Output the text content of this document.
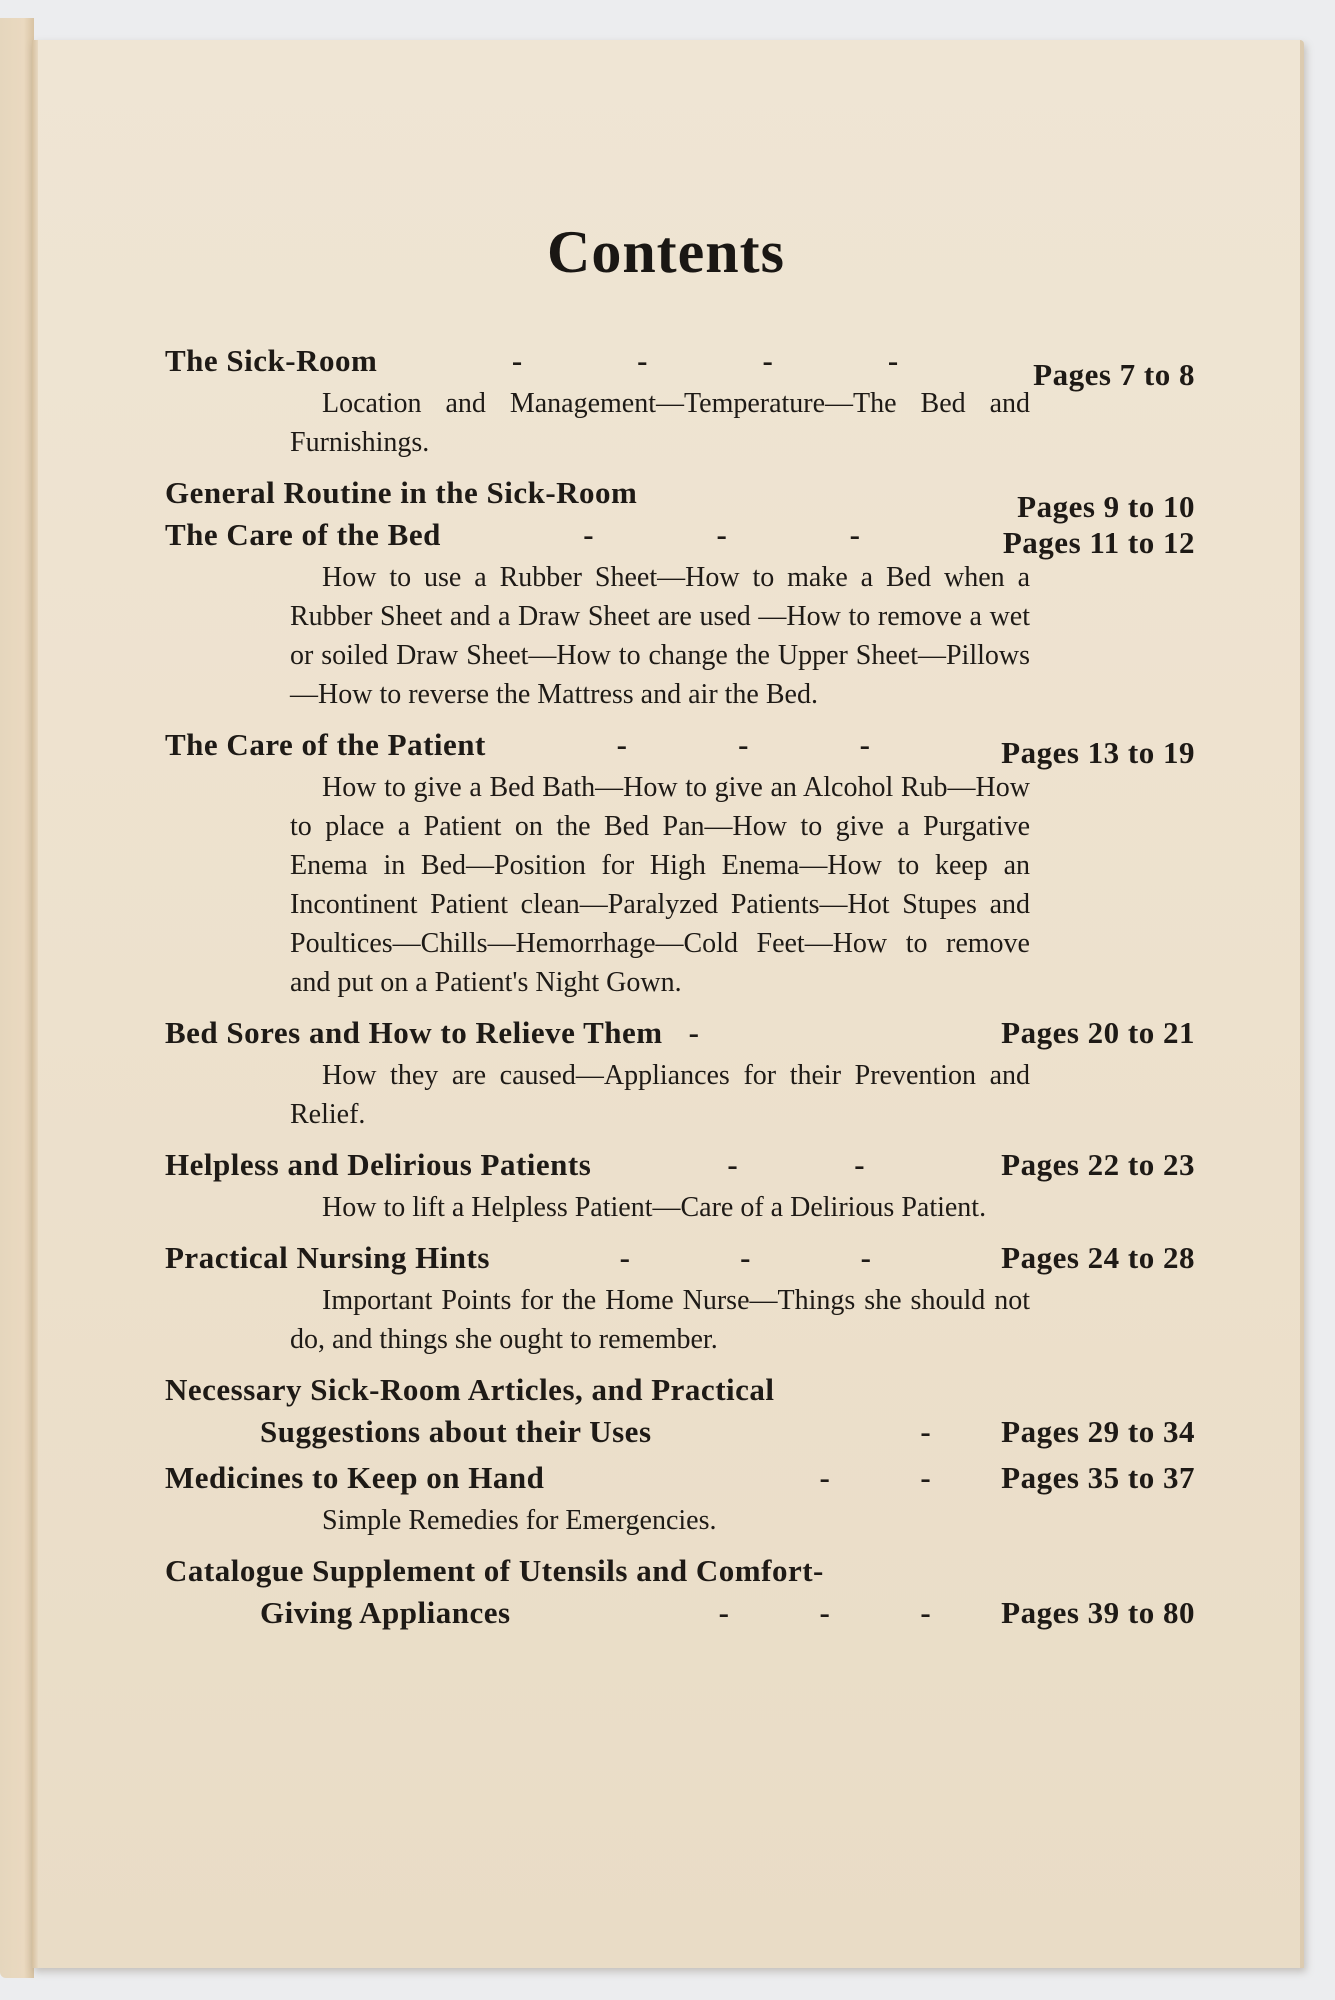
Contents
The Sick-Room	-	-	-	-	Pages 7 to 8
Location and Management—Temperature—The Bed and Furnishings.
General Routine in the Sick-Room	Pages 9 to 10
The Care of the Bed	-	-	-	Pages 11 to 12
How to use a Rubber Sheet—How to make a Bed when a Rubber Sheet and a Draw Sheet are used —How to remove a wet or soiled Draw Sheet—How to change the Upper Sheet—Pillows—How to reverse the Mattress and air the Bed.
The Care of the Patient	-	-	-	Pages 13 to 19
How to give a Bed Bath—How to give an Alcohol Rub—How to place a Patient on the Bed Pan—How to give a Purgative Enema in Bed—Position for High Enema—How to keep an Incontinent Patient clean—Paralyzed Patients—Hot Stupes and Poultices—Chills—Hemorrhage—Cold Feet—How to remove and put on a Patient's Night Gown.
Bed Sores and How to Relieve Them -	Pages 20 to 21
How they are caused—Appliances for their Prevention and Relief.
Helpless and Delirious Patients	-	-	Pages 22 to 23
How to lift a Helpless Patient—Care of a Delirious Patient.
Practical Nursing Hints	-	-	-	Pages 24 to 28
Important Points for the Home Nurse—Things she should not do, and things she ought to remember.
Necessary Sick-Room Articles, and Practical
Suggestions about their Uses	- Pages 29 to 34
Medicines to Keep on Hand	-	- Pages 35 to 37
Simple Remedies for Emergencies.
Catalogue Supplement of Utensils and Comfort-
Giving Appliances	-	-	- Pages 39 to 80
